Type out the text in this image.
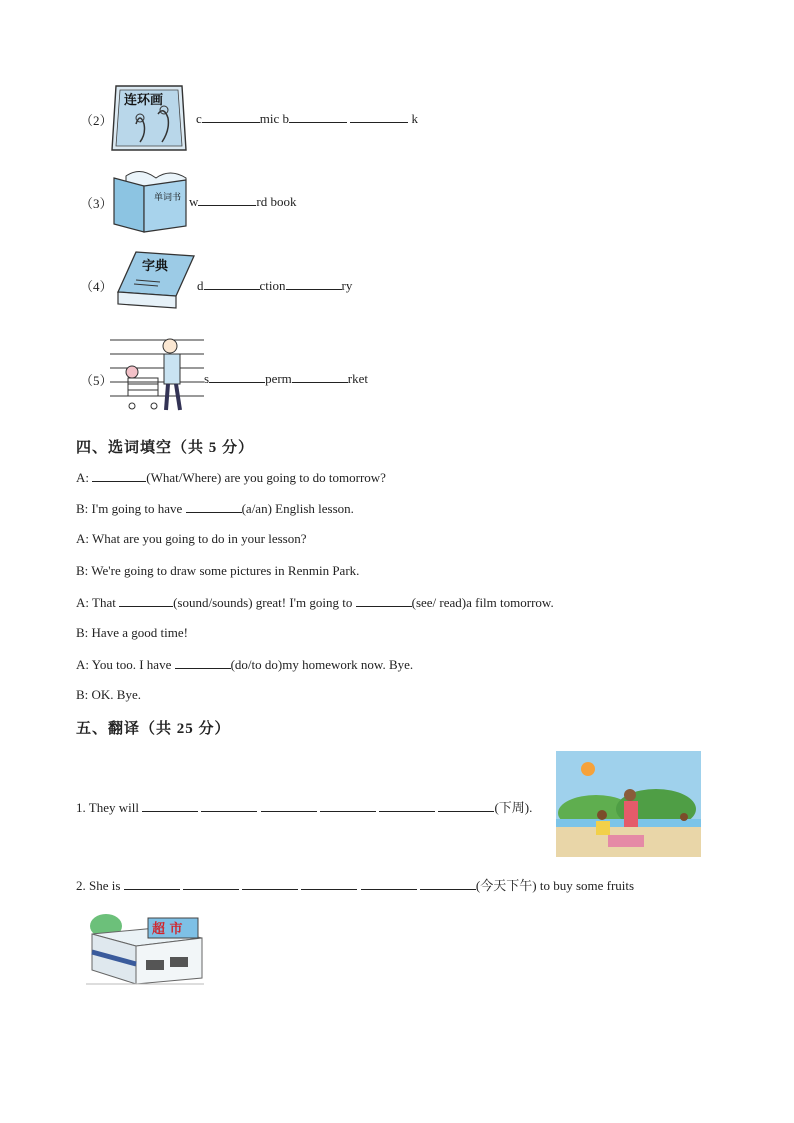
（2）
连环画
c	mic b	k
（3）	单词书 w	rd book
（4）
字典
d	ction	ry
（5）	s	perm	rket
四、选词填空（共 5 分）
A:	(What/Where) are you going to do tomorrow?
B: I'm going to have	(a/an) English lesson.
A: What are you going to do in your lesson?
B: We're going to draw some pictures in Renmin Park.
A: That	(sound/sounds) great! I'm going to	(see/ read)a film tomorrow.
B: Have a good time!
A: You too. I have	(do/to do)my homework now. Bye.
B: OK. Bye.
五、翻译（共 25 分）
1. They will	(下周).
2. She is	(今天下午) to buy some fruits
超 市
